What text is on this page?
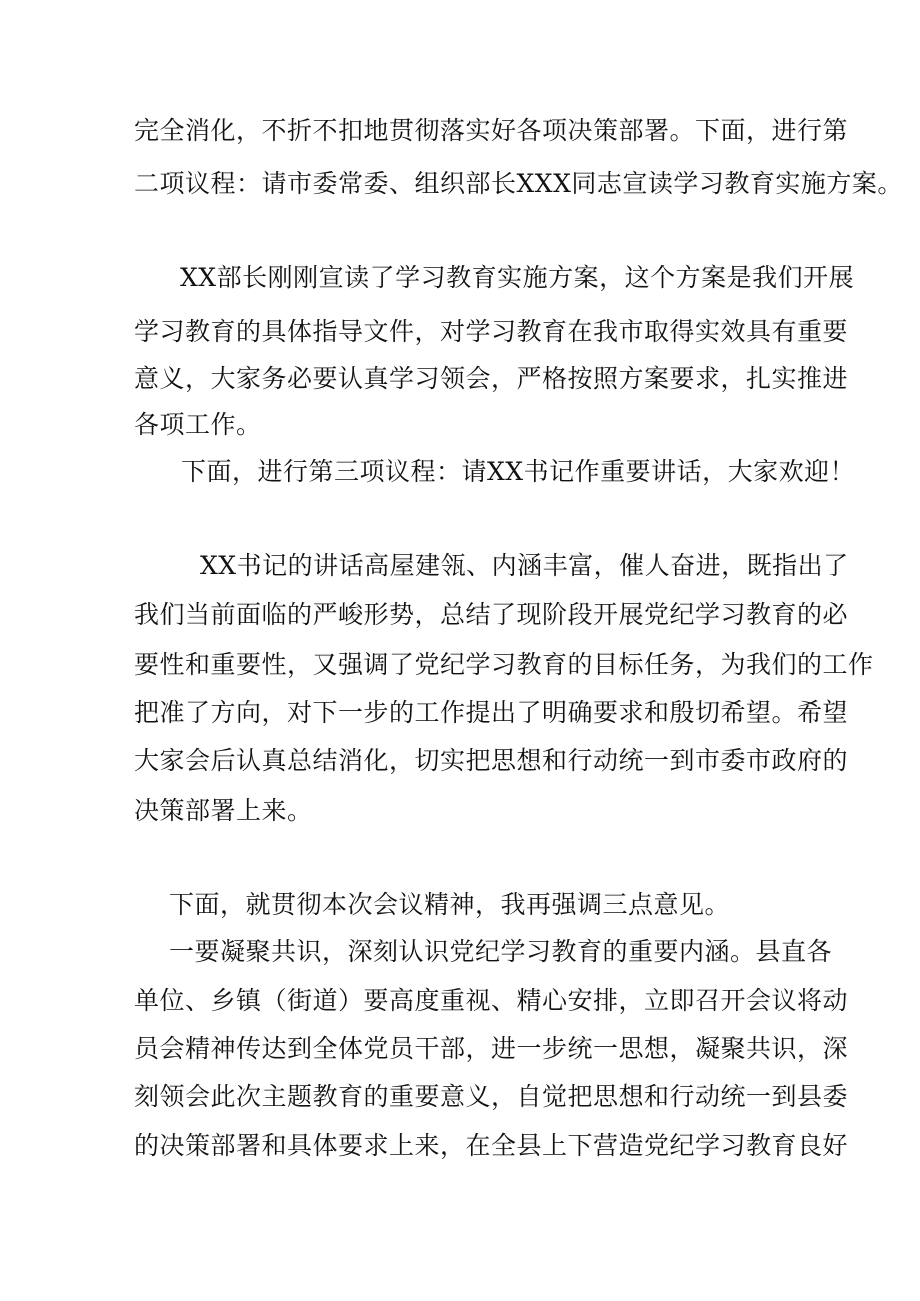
完全消化，不折不扣地贯彻落实好各项决策部署。下面，进行第
二项议程：请市委常委、组织部长XXX同志宣读学习教育实施方案。
XX部长刚刚宣读了学习教育实施方案，这个方案是我们开展
学习教育的具体指导文件，对学习教育在我市取得实效具有重要
意义，大家务必要认真学习领会，严格按照方案要求，扎实推进
各项工作。
下面，进行第三项议程：请XX书记作重要讲话，大家欢迎！
XX书记的讲话高屋建瓴、内涵丰富，催人奋进，既指出了
我们当前面临的严峻形势，总结了现阶段开展党纪学习教育的必
要性和重要性，又强调了党纪学习教育的目标任务，为我们的工作
把准了方向，对下一步的工作提出了明确要求和殷切希望。希望
大家会后认真总结消化，切实把思想和行动统一到市委市政府的
决策部署上来。
下面，就贯彻本次会议精神，我再强调三点意见。
一要凝聚共识，深刻认识党纪学习教育的重要内涵。县直各
单位、乡镇（街道）要高度重视、精心安排，立即召开会议将动
员会精神传达到全体党员干部，进一步统一思想，凝聚共识，深
刻领会此次主题教育的重要意义，自觉把思想和行动统一到县委
的决策部署和具体要求上来，在全县上下营造党纪学习教育良好
